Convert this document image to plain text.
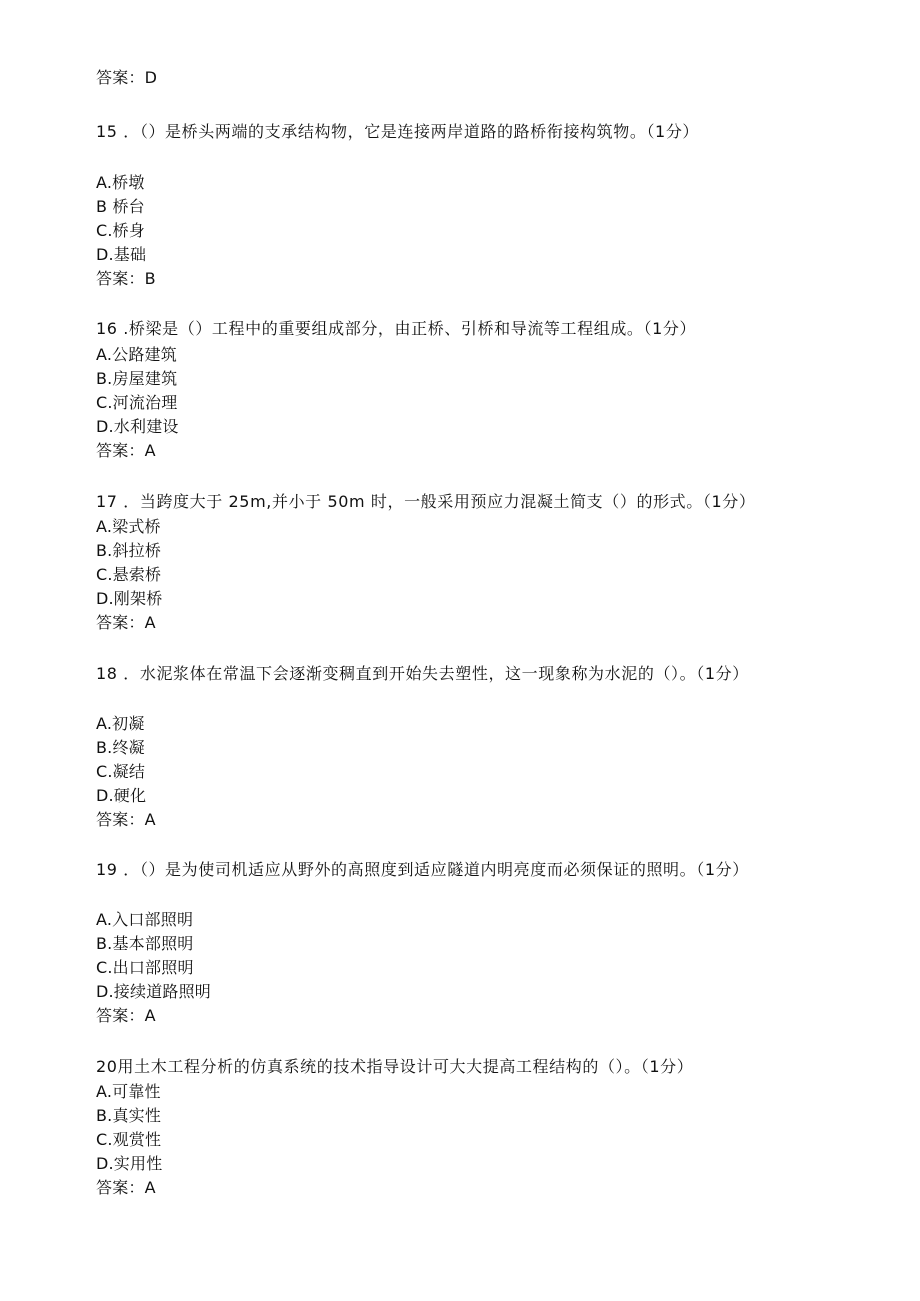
答案：D
15 ．（）是桥头两端的支承结构物，它是连接两岸道路的路桥衔接构筑物。（1分）
A.桥墩
B 桥台
C.桥身
D.基础
答案：B
16 .桥梁是（）工程中的重要组成部分，由正桥、引桥和导流等工程组成。（1分）
A.公路建筑
B.房屋建筑
C.河流治理
D.水利建设
答案：A
17 ．当跨度大于 25m,并小于 50m 时，一般采用预应力混凝土简支（）的形式。（1分）
A.梁式桥
B.斜拉桥
C.悬索桥
D.刚架桥
答案：A
18 ．水泥浆体在常温下会逐渐变稠直到开始失去塑性，这一现象称为水泥的（）。（1分）
A.初凝
B.终凝
C.凝结
D.硬化
答案：A
19 ．（）是为使司机适应从野外的高照度到适应隧道内明亮度而必须保证的照明。（1分）
A.入口部照明
B.基本部照明
C.出口部照明
D.接续道路照明
答案：A
20用土木工程分析的仿真系统的技术指导设计可大大提高工程结构的（）。（1分）
A.可靠性
B.真实性
C.观赏性
D.实用性
答案：A
